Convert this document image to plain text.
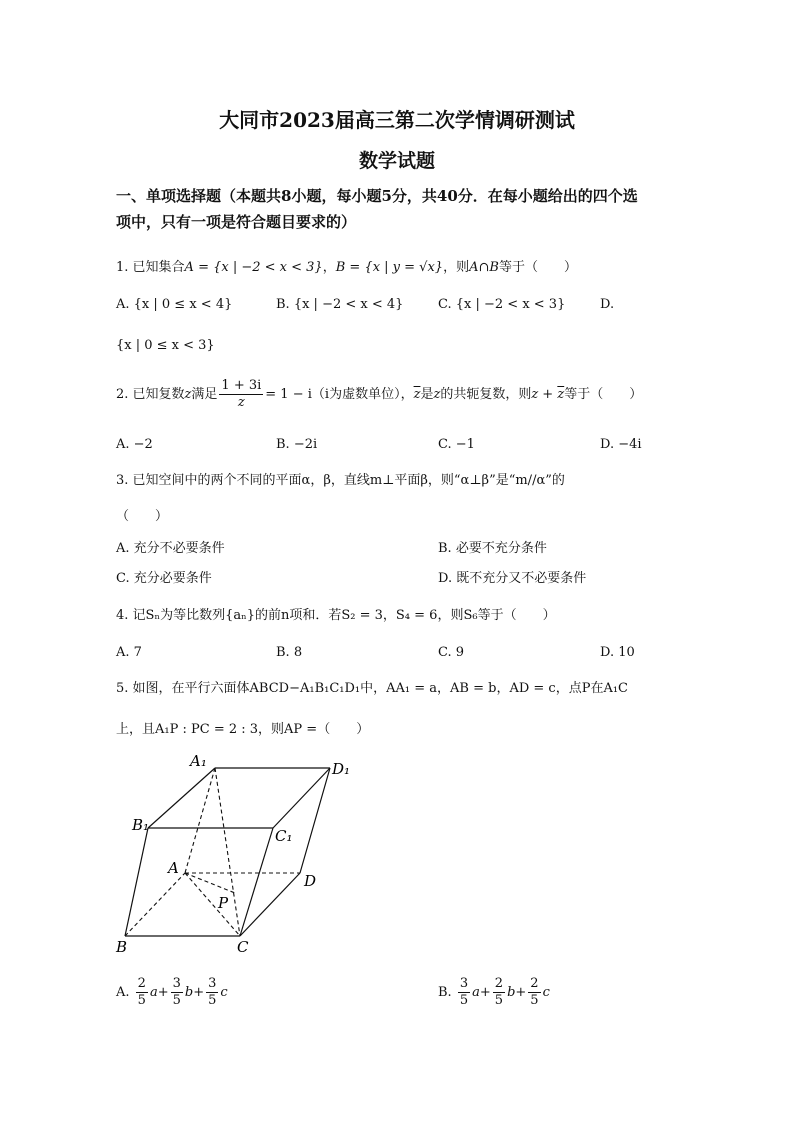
大同市2023届高三第二次学情调研测试
数学试题
一、单项选择题（本题共8小题，每小题5分，共40分．在每小题给出的四个选
项中，只有一项是符合题目要求的）
1. 已知集合A = {x | −2 < x < 3}，B = {x | y = √x}，则A∩B等于（　　）
A. {x | 0 ≤ x < 4}	B. {x | −2 < x < 4}	C. {x | −2 < x < 3}	D.
{x | 0 ≤ x < 3}
2. 已知复数z满足 $\frac{1 + 3i}{z} = 1 - i(i$为虚数单位），$\overline{z}$是z的共轭复数，则$z + \overline{z}$等于（　　）
A. −2	B. −2i	C. −1	D. −4i
3. 已知空间中的两个不同的平面α，β，直线m⊥平面β，则“α⊥β”是“m//α”的
（　　）
A. 充分不必要条件	B. 必要不充分条件
C. 充分必要条件	D. 既不充分又不必要条件
4. 记Sₙ为等比数列{aₙ}的前n项和．若S₂ = 3，S₄ = 6，则S₆等于（　　）
A. 7	B. 8	C. 9	D. 10
5. 如图，在平行六面体ABCD−A₁B₁C₁D₁中，AA₁ = a，AB = b，AD = c，点P在A₁C
上，且A₁P : PC = 2 : 3，则AP =（　　）
A₁	D₁
B₁
C₁
A
D
P
B	C
A. $\frac{2}{5} a+ \frac{3}{5} b+ \frac{3}{5}$ c	B. $\frac{3}{5} a+ \frac{2}{5} b+ \frac{2}{5}$ c
